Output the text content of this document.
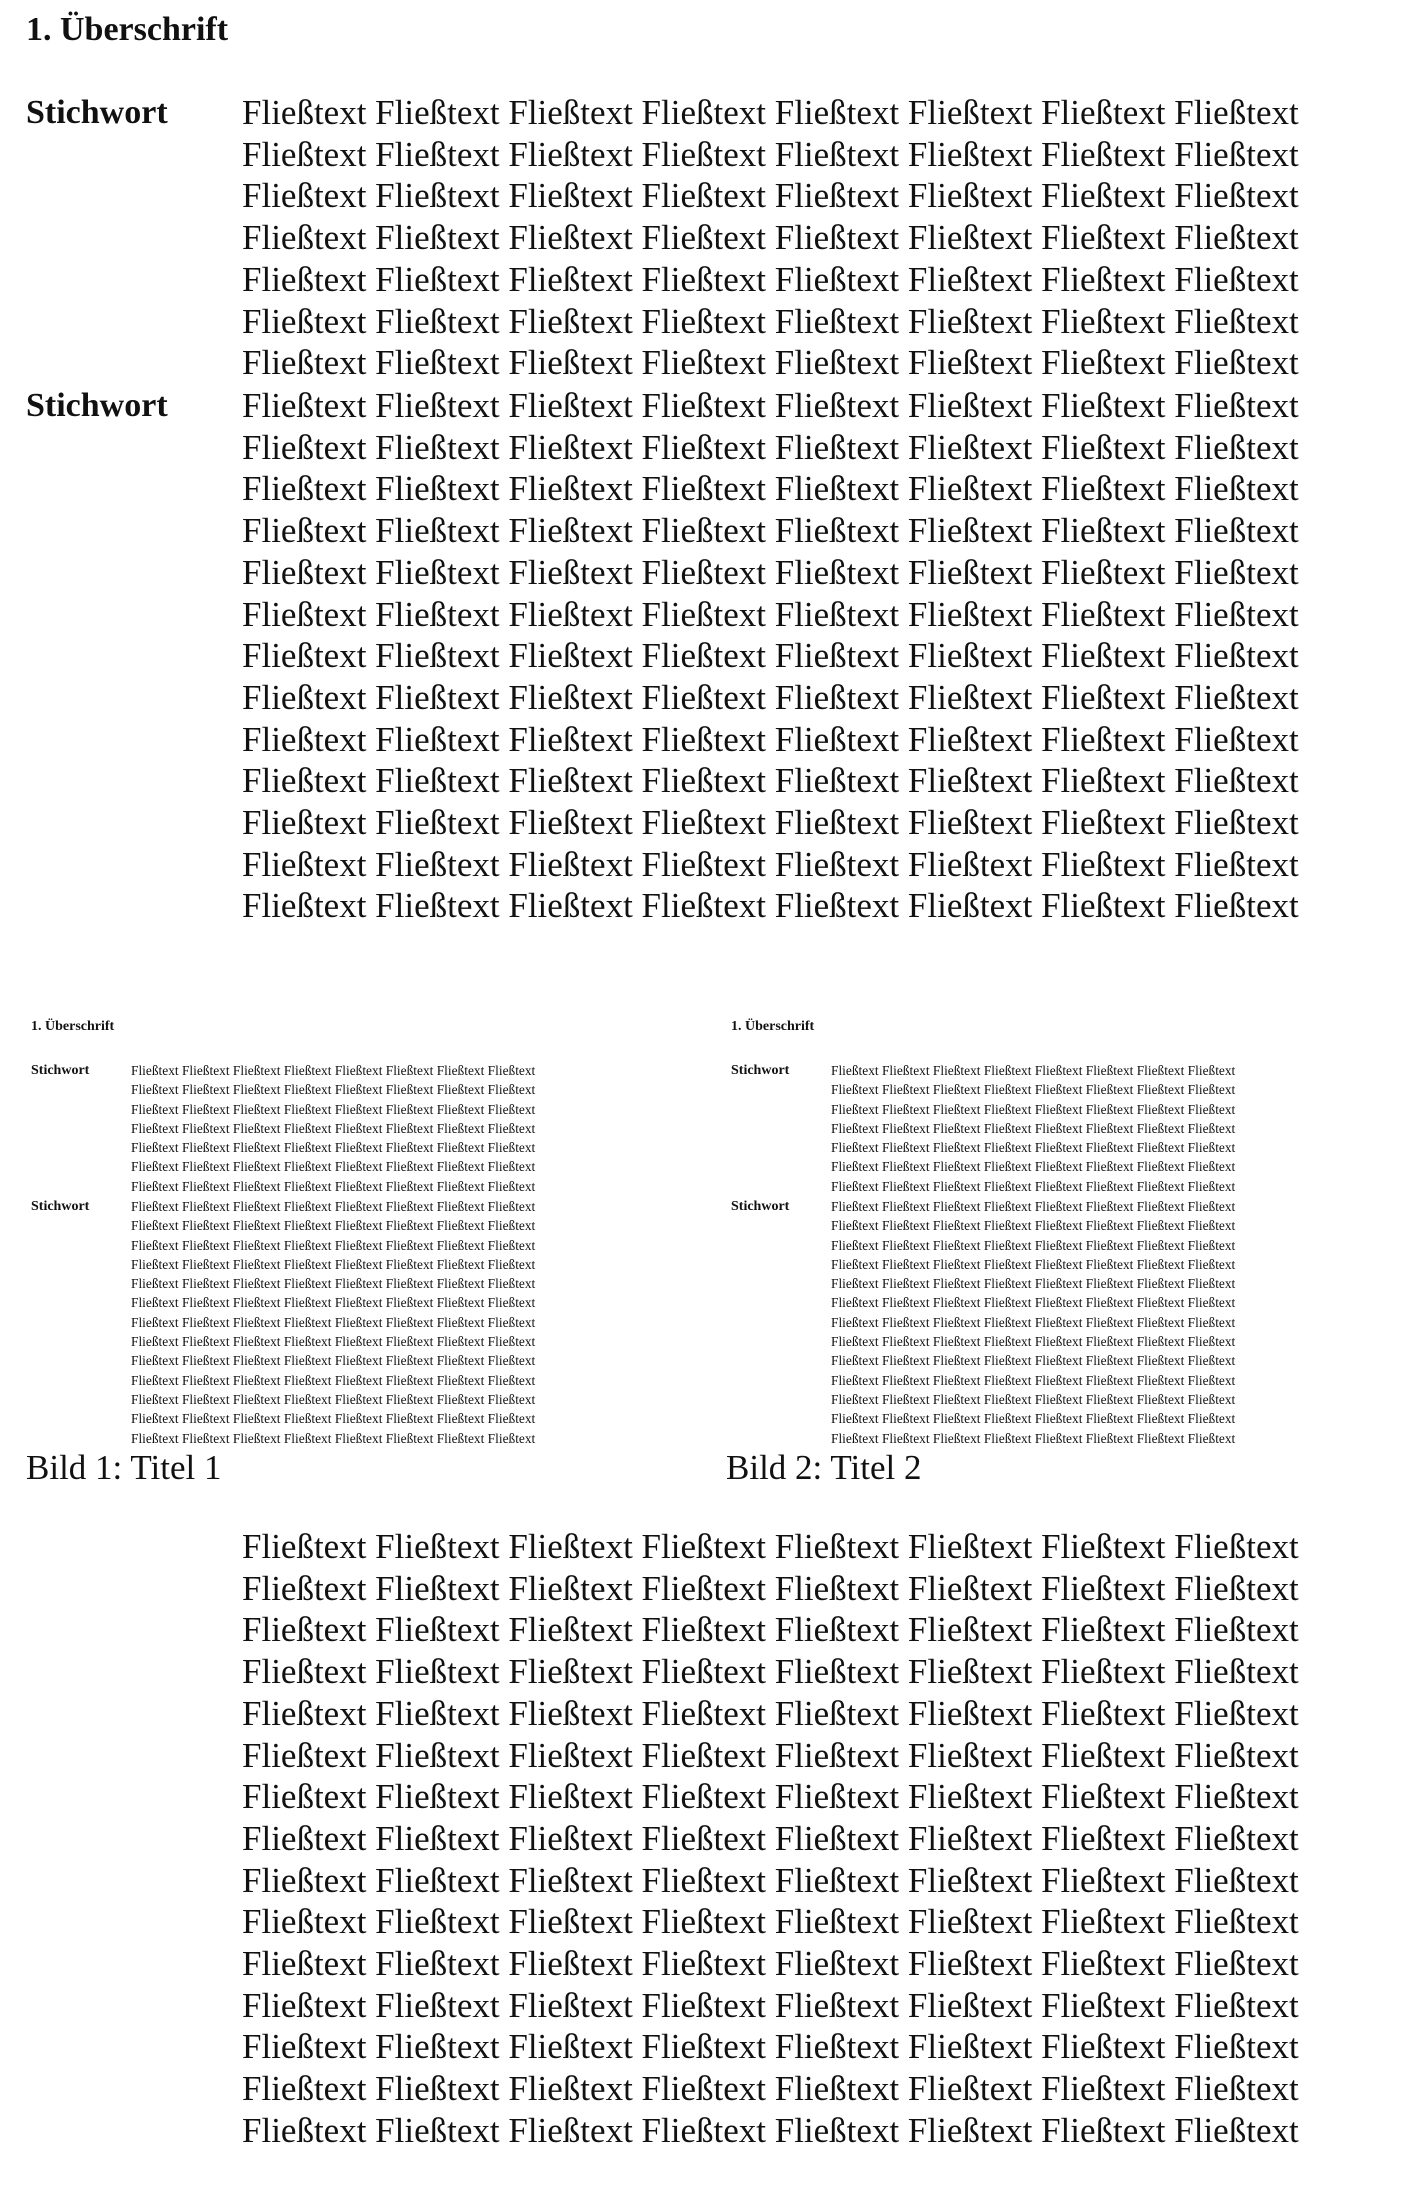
1. Überschrift
Stichwort Fließtext Fließtext Fließtext Fließtext Fließtext Fließtext Fließtext Fließtext
Fließtext Fließtext Fließtext Fließtext Fließtext Fließtext Fließtext Fließtext
Fließtext Fließtext Fließtext Fließtext Fließtext Fließtext Fließtext Fließtext
Fließtext Fließtext Fließtext Fließtext Fließtext Fließtext Fließtext Fließtext
Fließtext Fließtext Fließtext Fließtext Fließtext Fließtext Fließtext Fließtext
Fließtext Fließtext Fließtext Fließtext Fließtext Fließtext Fließtext Fließtext
Fließtext Fließtext Fließtext Fließtext Fließtext Fließtext Fließtext Fließtext
Stichwort Fließtext Fließtext Fließtext Fließtext Fließtext Fließtext Fließtext Fließtext
Fließtext Fließtext Fließtext Fließtext Fließtext Fließtext Fließtext Fließtext
Fließtext Fließtext Fließtext Fließtext Fließtext Fließtext Fließtext Fließtext
Fließtext Fließtext Fließtext Fließtext Fließtext Fließtext Fließtext Fließtext
Fließtext Fließtext Fließtext Fließtext Fließtext Fließtext Fließtext Fließtext
Fließtext Fließtext Fließtext Fließtext Fließtext Fließtext Fließtext Fließtext
Fließtext Fließtext Fließtext Fließtext Fließtext Fließtext Fließtext Fließtext
Fließtext Fließtext Fließtext Fließtext Fließtext Fließtext Fließtext Fließtext
Fließtext Fließtext Fließtext Fließtext Fließtext Fließtext Fließtext Fließtext
Fließtext Fließtext Fließtext Fließtext Fließtext Fließtext Fließtext Fließtext
Fließtext Fließtext Fließtext Fließtext Fließtext Fließtext Fließtext Fließtext
Fließtext Fließtext Fließtext Fließtext Fließtext Fließtext Fließtext Fließtext
Fließtext Fließtext Fließtext Fließtext Fließtext Fließtext Fließtext Fließtext
1. Überschrift
Stichwort	Fließtext Fließtext Fließtext Fließtext Fließtext Fließtext Fließtext Fließtext
Fließtext Fließtext Fließtext Fließtext Fließtext Fließtext Fließtext Fließtext
Fließtext Fließtext Fließtext Fließtext Fließtext Fließtext Fließtext Fließtext
Fließtext Fließtext Fließtext Fließtext Fließtext Fließtext Fließtext Fließtext
Fließtext Fließtext Fließtext Fließtext Fließtext Fließtext Fließtext Fließtext
Fließtext Fließtext Fließtext Fließtext Fließtext Fließtext Fließtext Fließtext
Fließtext Fließtext Fließtext Fließtext Fließtext Fließtext Fließtext Fließtext
Stichwort	Fließtext Fließtext Fließtext Fließtext Fließtext Fließtext Fließtext Fließtext
Fließtext Fließtext Fließtext Fließtext Fließtext Fließtext Fließtext Fließtext
Fließtext Fließtext Fließtext Fließtext Fließtext Fließtext Fließtext Fließtext
Fließtext Fließtext Fließtext Fließtext Fließtext Fließtext Fließtext Fließtext
Fließtext Fließtext Fließtext Fließtext Fließtext Fließtext Fließtext Fließtext
Fließtext Fließtext Fließtext Fließtext Fließtext Fließtext Fließtext Fließtext
Fließtext Fließtext Fließtext Fließtext Fließtext Fließtext Fließtext Fließtext
Fließtext Fließtext Fließtext Fließtext Fließtext Fließtext Fließtext Fließtext
Fließtext Fließtext Fließtext Fließtext Fließtext Fließtext Fließtext Fließtext
Fließtext Fließtext Fließtext Fließtext Fließtext Fließtext Fließtext Fließtext
Fließtext Fließtext Fließtext Fließtext Fließtext Fließtext Fließtext Fließtext
Fließtext Fließtext Fließtext Fließtext Fließtext Fließtext Fließtext Fließtext
Fließtext Fließtext Fließtext Fließtext Fließtext Fließtext Fließtext Fließtext
Bild 1: Titel 1
1. Überschrift
Stichwort	Fließtext Fließtext Fließtext Fließtext Fließtext Fließtext Fließtext Fließtext
Fließtext Fließtext Fließtext Fließtext Fließtext Fließtext Fließtext Fließtext
Fließtext Fließtext Fließtext Fließtext Fließtext Fließtext Fließtext Fließtext
Fließtext Fließtext Fließtext Fließtext Fließtext Fließtext Fließtext Fließtext
Fließtext Fließtext Fließtext Fließtext Fließtext Fließtext Fließtext Fließtext
Fließtext Fließtext Fließtext Fließtext Fließtext Fließtext Fließtext Fließtext
Fließtext Fließtext Fließtext Fließtext Fließtext Fließtext Fließtext Fließtext
Stichwort	Fließtext Fließtext Fließtext Fließtext Fließtext Fließtext Fließtext Fließtext
Fließtext Fließtext Fließtext Fließtext Fließtext Fließtext Fließtext Fließtext
Fließtext Fließtext Fließtext Fließtext Fließtext Fließtext Fließtext Fließtext
Fließtext Fließtext Fließtext Fließtext Fließtext Fließtext Fließtext Fließtext
Fließtext Fließtext Fließtext Fließtext Fließtext Fließtext Fließtext Fließtext
Fließtext Fließtext Fließtext Fließtext Fließtext Fließtext Fließtext Fließtext
Fließtext Fließtext Fließtext Fließtext Fließtext Fließtext Fließtext Fließtext
Fließtext Fließtext Fließtext Fließtext Fließtext Fließtext Fließtext Fließtext
Fließtext Fließtext Fließtext Fließtext Fließtext Fließtext Fließtext Fließtext
Fließtext Fließtext Fließtext Fließtext Fließtext Fließtext Fließtext Fließtext
Fließtext Fließtext Fließtext Fließtext Fließtext Fließtext Fließtext Fließtext
Fließtext Fließtext Fließtext Fließtext Fließtext Fließtext Fließtext Fließtext
Fließtext Fließtext Fließtext Fließtext Fließtext Fließtext Fließtext Fließtext
Bild 2: Titel 2
Fließtext Fließtext Fließtext Fließtext Fließtext Fließtext Fließtext Fließtext
Fließtext Fließtext Fließtext Fließtext Fließtext Fließtext Fließtext Fließtext
Fließtext Fließtext Fließtext Fließtext Fließtext Fließtext Fließtext Fließtext
Fließtext Fließtext Fließtext Fließtext Fließtext Fließtext Fließtext Fließtext
Fließtext Fließtext Fließtext Fließtext Fließtext Fließtext Fließtext Fließtext
Fließtext Fließtext Fließtext Fließtext Fließtext Fließtext Fließtext Fließtext
Fließtext Fließtext Fließtext Fließtext Fließtext Fließtext Fließtext Fließtext
Fließtext Fließtext Fließtext Fließtext Fließtext Fließtext Fließtext Fließtext
Fließtext Fließtext Fließtext Fließtext Fließtext Fließtext Fließtext Fließtext
Fließtext Fließtext Fließtext Fließtext Fließtext Fließtext Fließtext Fließtext
Fließtext Fließtext Fließtext Fließtext Fließtext Fließtext Fließtext Fließtext
Fließtext Fließtext Fließtext Fließtext Fließtext Fließtext Fließtext Fließtext
Fließtext Fließtext Fließtext Fließtext Fließtext Fließtext Fließtext Fließtext
Fließtext Fließtext Fließtext Fließtext Fließtext Fließtext Fließtext Fließtext
Fließtext Fließtext Fließtext Fließtext Fließtext Fließtext Fließtext Fließtext
